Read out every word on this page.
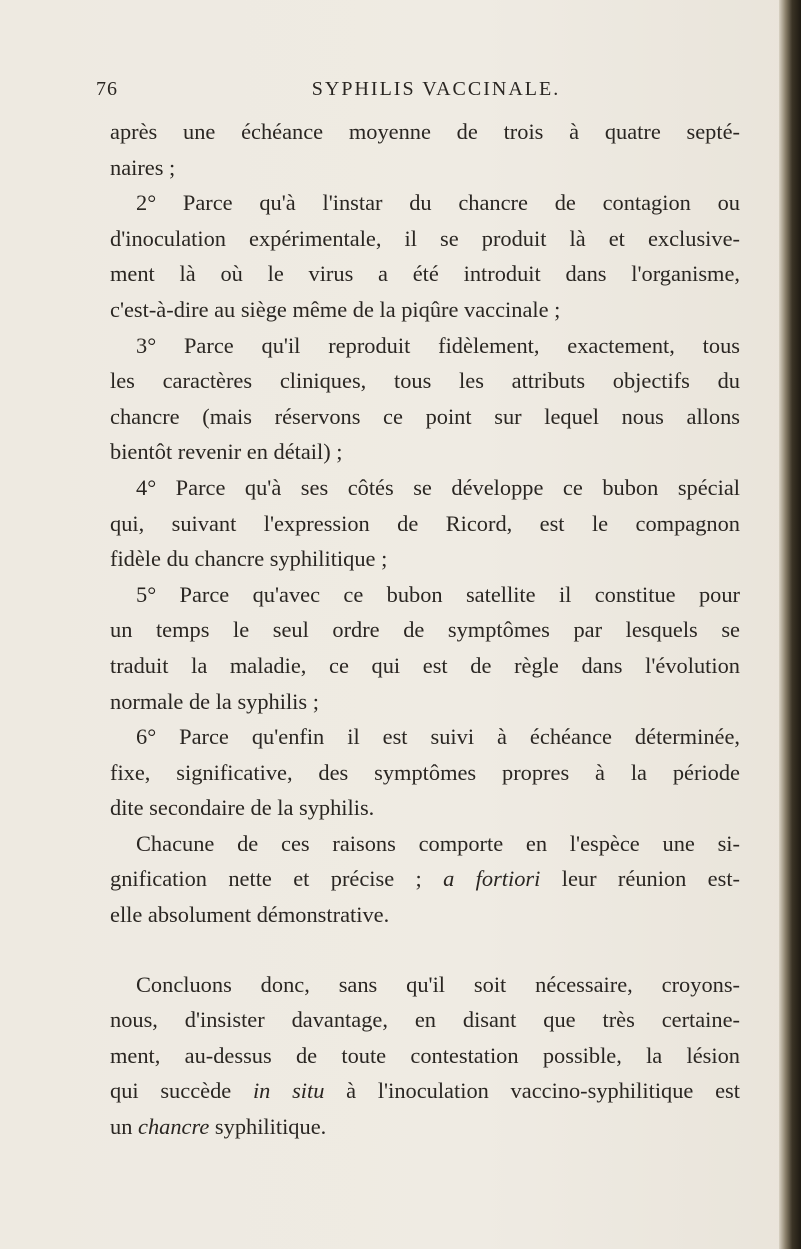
76	SYPHILIS VACCINALE.
après une échéance moyenne de trois à quatre septé-
naires ;
2° Parce qu'à l'instar du chancre de contagion ou
d'inoculation expérimentale, il se produit là et exclusive-
ment là où le virus a été introduit dans l'organisme,
c'est-à-dire au siège même de la piqûre vaccinale ;
3° Parce qu'il reproduit fidèlement, exactement, tous
les caractères cliniques, tous les attributs objectifs du
chancre (mais réservons ce point sur lequel nous allons
bientôt revenir en détail) ;
4° Parce qu'à ses côtés se développe ce bubon spécial
qui, suivant l'expression de Ricord, est le compagnon
fidèle du chancre syphilitique ;
5° Parce qu'avec ce bubon satellite il constitue pour
un temps le seul ordre de symptômes par lesquels se
traduit la maladie, ce qui est de règle dans l'évolution
normale de la syphilis ;
6° Parce qu'enfin il est suivi à échéance déterminée,
fixe, significative, des symptômes propres à la période
dite secondaire de la syphilis.
Chacune de ces raisons comporte en l'espèce une si-
gnification nette et précise ; a fortiori leur réunion est-
elle absolument démonstrative.
Concluons donc, sans qu'il soit nécessaire, croyons-
nous, d'insister davantage, en disant que très certaine-
ment, au-dessus de toute contestation possible, la lésion
qui succède in situ à l'inoculation vaccino-syphilitique est
un chancre syphilitique.
